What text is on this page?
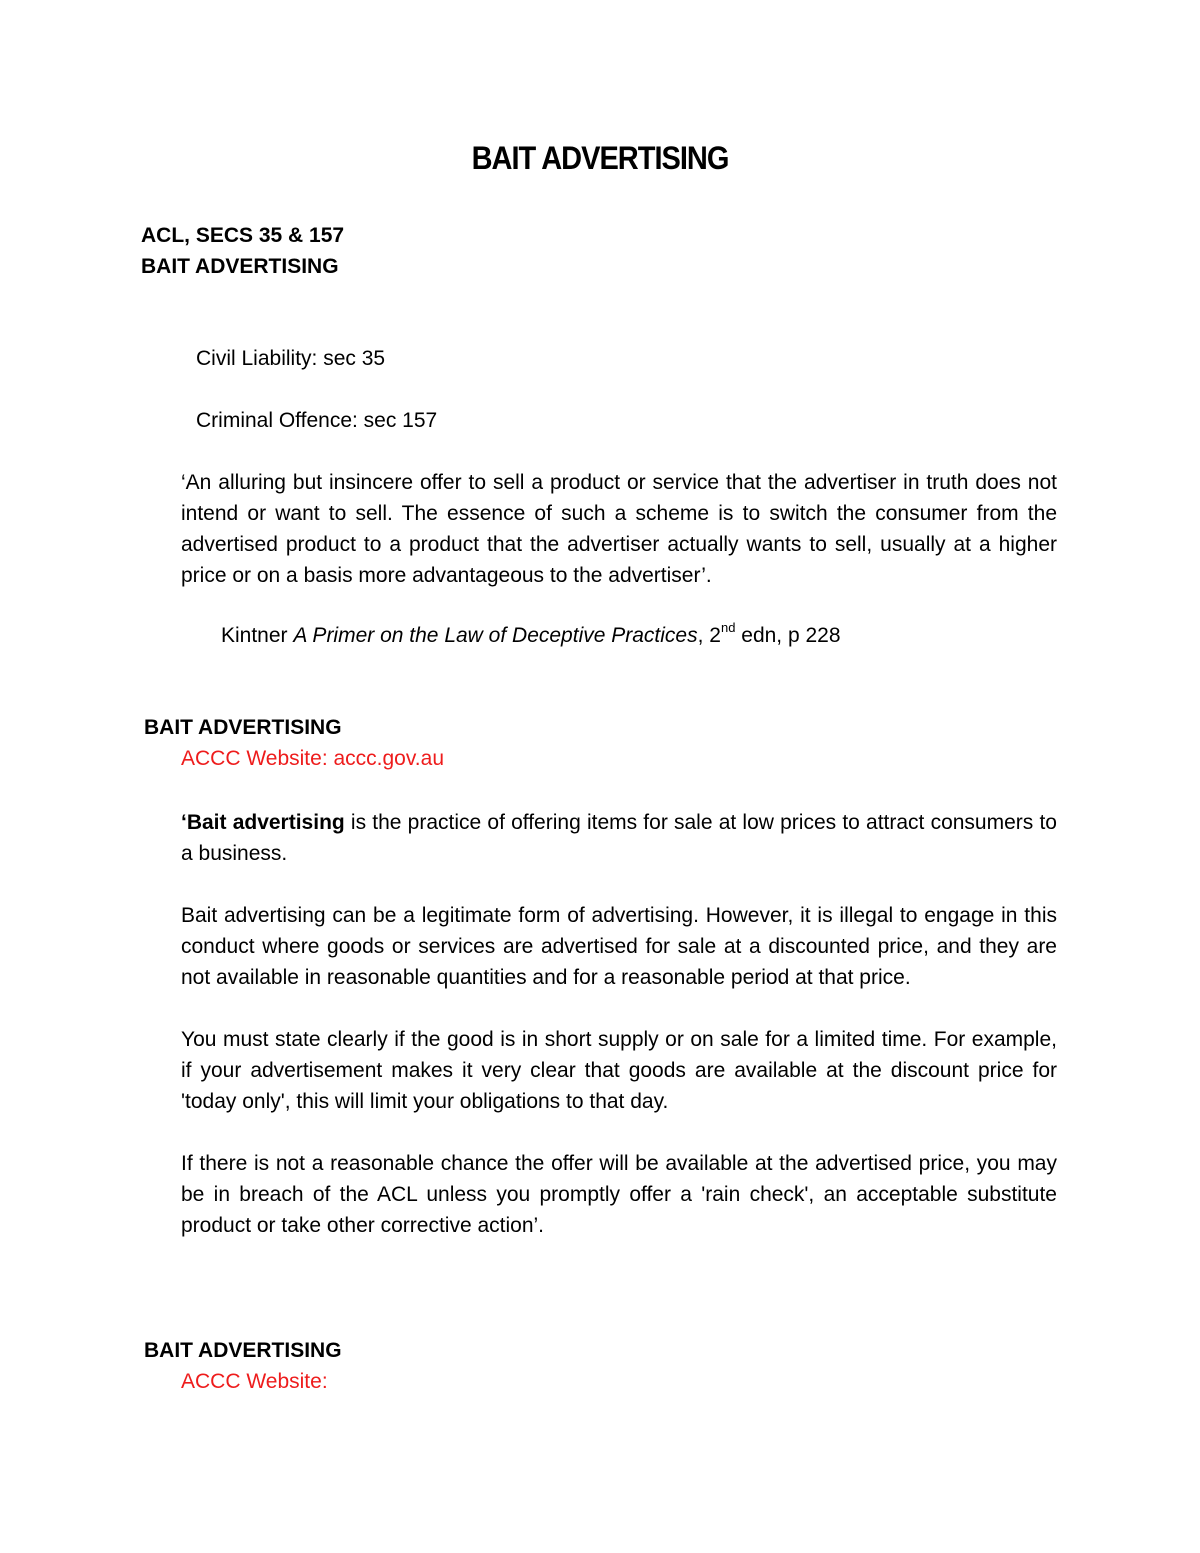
BAIT ADVERTISING
ACL, SECS 35 & 157
BAIT ADVERTISING
Civil Liability: sec 35
Criminal Offence: sec 157

‘An alluring but insincere offer to sell a product or service that the advertiser in truth does not intend or want to sell. The essence of such a scheme is to switch the consumer from the advertised product to a product that the advertiser actually wants to sell, usually at a higher price or on a basis more advantageous to the advertiser’.

Kintner A Primer on the Law of Deceptive Practices, 2nd edn, p 228
BAIT ADVERTISING
ACCC Website: accc.gov.au

‘Bait advertising is the practice of offering items for sale at low prices to attract consumers to a business.

Bait advertising can be a legitimate form of advertising. However, it is illegal to engage in this conduct where goods or services are advertised for sale at a discounted price, and they are not available in reasonable quantities and for a reasonable period at that price.

You must state clearly if the good is in short supply or on sale for a limited time. For example, if your advertisement makes it very clear that goods are available at the discount price for 'today only', this will limit your obligations to that day.

If there is not a reasonable chance the offer will be available at the advertised price, you may be in breach of the ACL unless you promptly offer a 'rain check', an acceptable substitute product or take other corrective action’.

BAIT ADVERTISING
ACCC Website:
